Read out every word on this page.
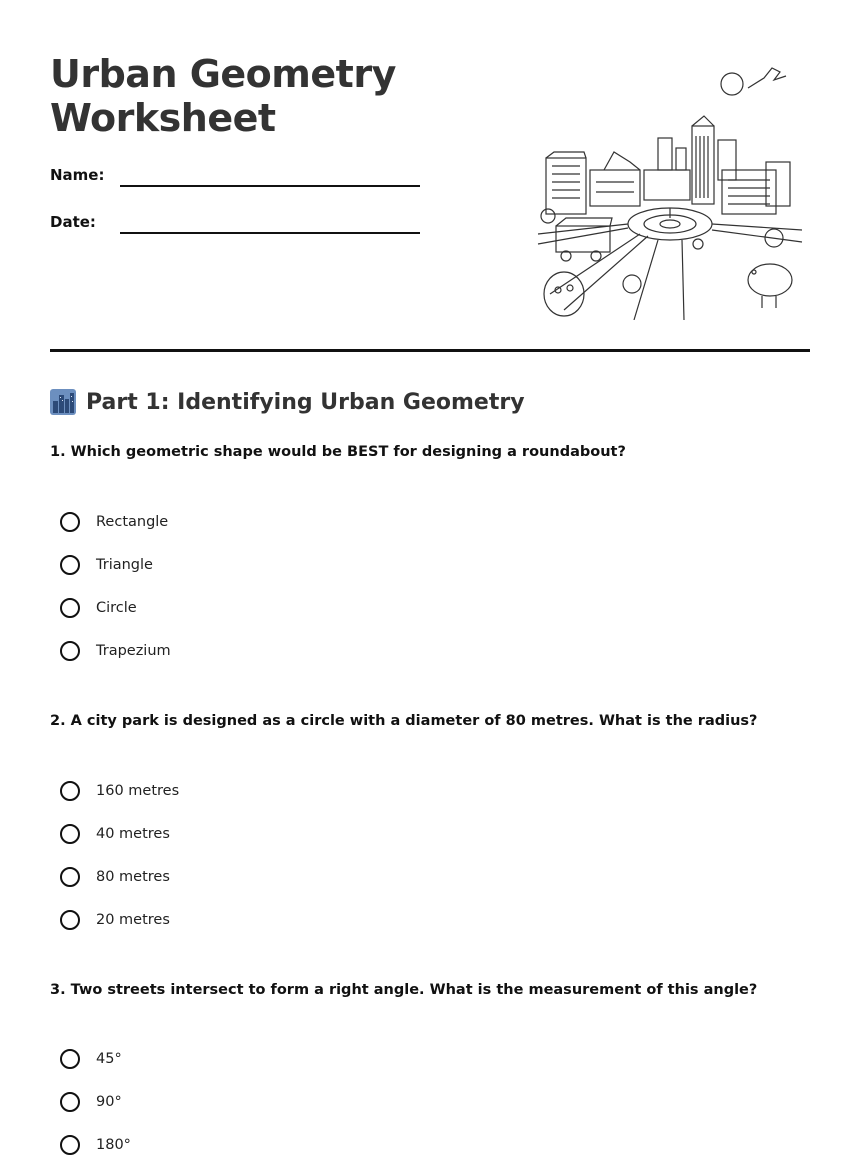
Urban Geometry
Worksheet
Name:
Date:
Part 1: Identifying Urban Geometry

1. Which geometric shape would be BEST for designing a roundabout?

Rectangle
Triangle
Circle
Trapezium

2. A city park is designed as a circle with a diameter of 80 metres. What is the radius?

160 metres
40 metres
80 metres
20 metres

3. Two streets intersect to form a right angle. What is the measurement of this angle?

45°
90°
180°
